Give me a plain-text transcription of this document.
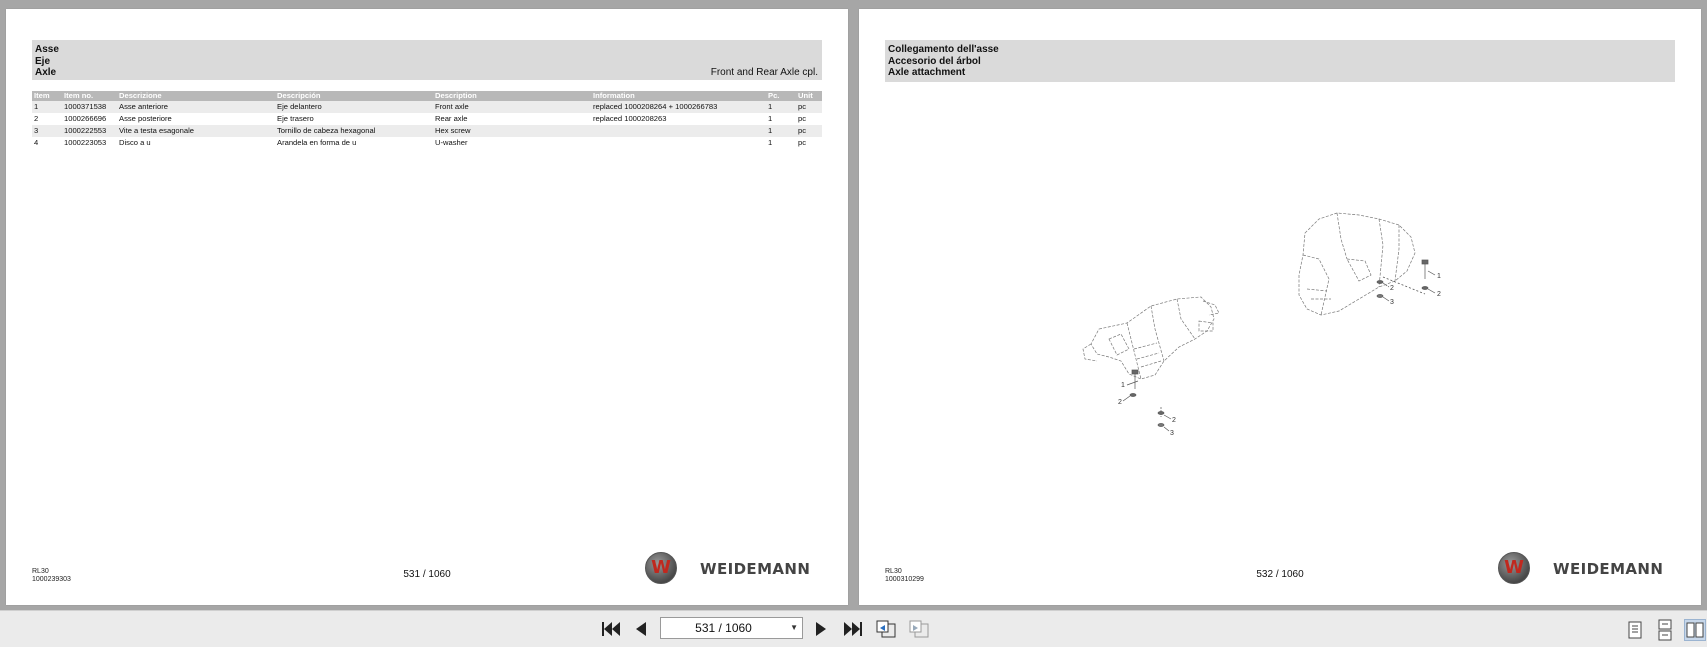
Asse
Eje
Axle	Front and Rear Axle cpl.
Item	Item no.	Descrizione	Descripción	Description	Information	Pc.	Unit
1	1000371538	Asse anteriore	Eje delantero	Front axle	replaced 1000208264 + 1000266783	1	pc
2	1000266696	Asse posteriore	Eje trasero	Rear axle	replaced 1000208263	1	pc
3	1000222553	Vite a testa esagonale	Tornillo de cabeza hexagonal	Hex screw		1	pc
4	1000223053	Disco a u	Arandela en forma de u	U-washer		1	pc
RL30
1000239303	531 / 1060	W	WEIDEMANN
Collegamento dell'asse
Accesorio del árbol
Axle attachment
1
2
2
3
1
2
2
3
RL30
1000310299	532 / 1060	W	WEIDEMANN
531 / 1060	▼
